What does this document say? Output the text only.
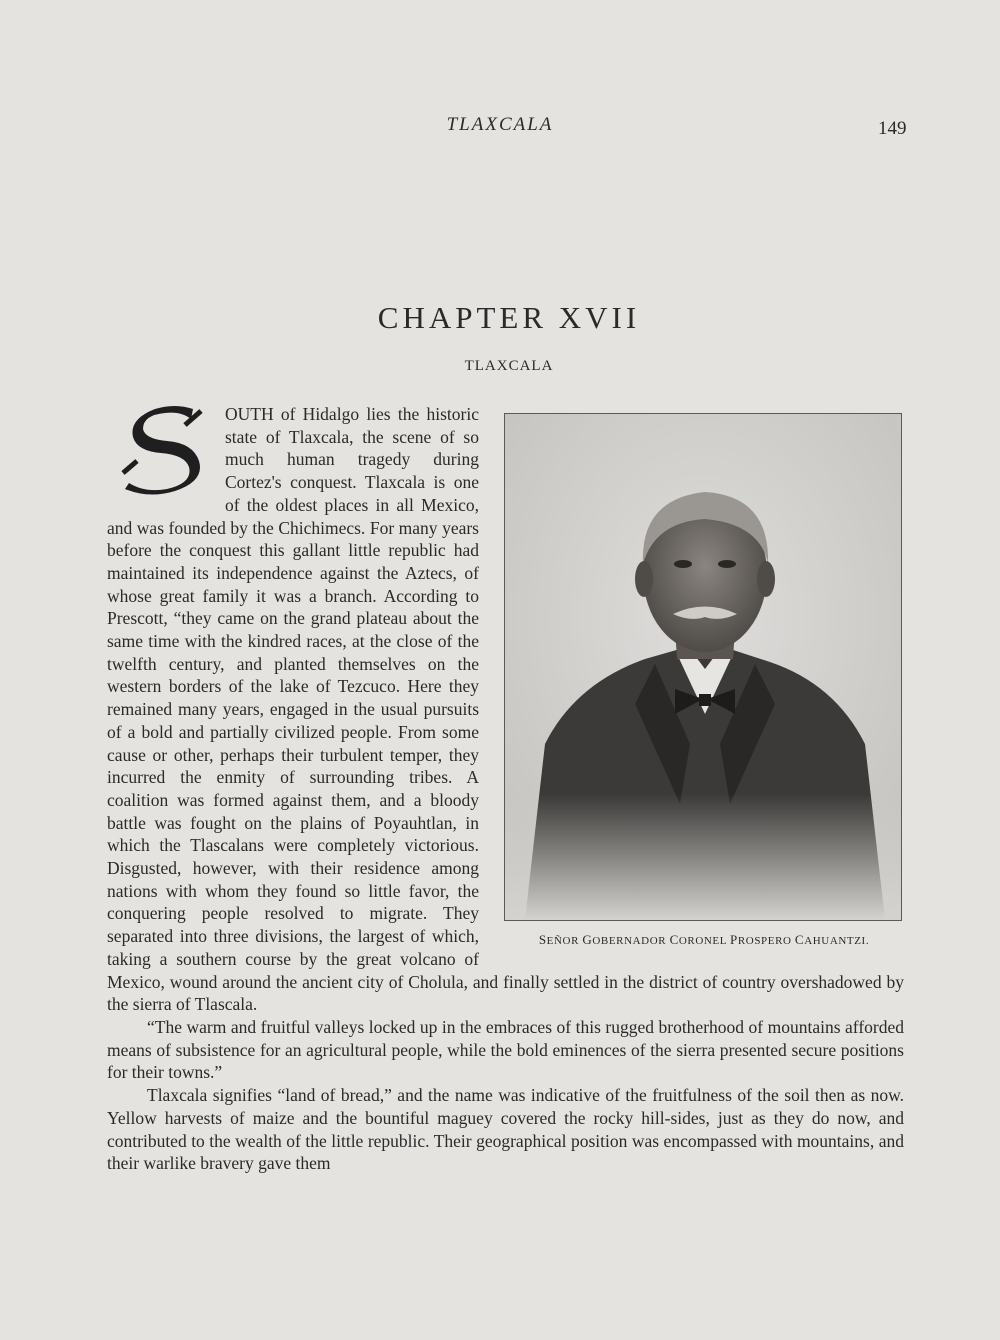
TLAXCALA	149
CHAPTER XVII
TLAXCALA
SEÑOR GOBERNADOR CORONEL PROSPERO CAHUANTZI.

OUTH of Hidalgo lies the historic state of Tlaxcala, the scene of so much human tragedy during Cortez's conquest. Tlaxcala is one of the oldest places in all Mexico, and was founded by the Chichimecs. For many years before the conquest this gallant little republic had maintained its independence against the Aztecs, of whose great family it was a branch. According to Prescott, “they came on the grand plateau about the same time with the kindred races, at the close of the twelfth century, and planted themselves on the western borders of the lake of Tezcuco. Here they remained many years, engaged in the usual pursuits of a bold and partially civilized people. From some cause or other, perhaps their turbulent temper, they incurred the enmity of surrounding tribes. A coalition was formed against them, and a bloody battle was fought on the plains of Poyauhtlan, in which the Tlascalans were completely victorious. Disgusted, however, with their residence among nations with whom they found so little favor, the conquering people resolved to migrate. They separated into three divisions, the largest of which, taking a southern course by the great volcano of Mexico, wound around the ancient city of Cholula, and finally settled in the district of country overshadowed by the sierra of Tlascala.

“The warm and fruitful valleys locked up in the embraces of this rugged brotherhood of mountains afforded means of subsistence for an agricultural people, while the bold eminences of the sierra presented secure positions for their towns.”

Tlaxcala signifies “land of bread,” and the name was indicative of the fruitfulness of the soil then as now. Yellow harvests of maize and the bountiful maguey covered the rocky hill-sides, just as they do now, and contributed to the wealth of the little republic. Their geographical position was encompassed with mountains, and their warlike bravery gave them
